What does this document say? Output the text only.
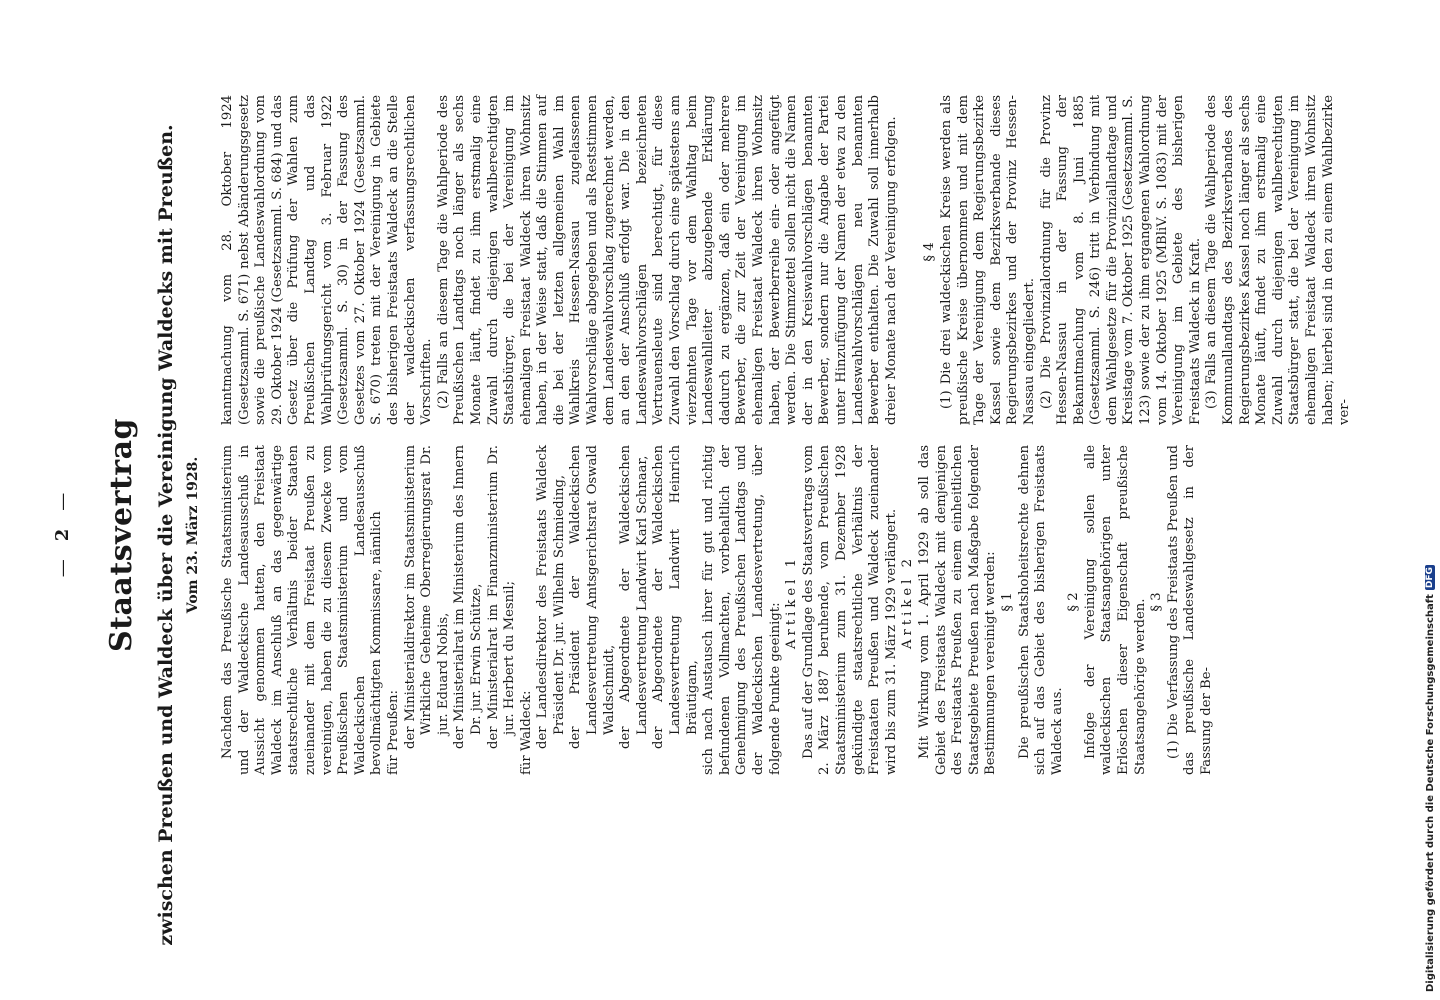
—2— Staatsvertrag zwischen Preußen und Waldeck über die Vereinigung Waldecks mit Preußen. Vom 23. März 1928. Nachdem das Preußische Staatsministerium und der Waldeckische Landesausschuß in Aussicht genommen hatten, den Freistaat Waldeck im Anschluß an das gegenwärtige staatsrechtliche Verhältnis beider Staaten zueinander mit dem Freistaat Preußen zu vereinigen, haben die zu diesem Zwecke vom Preußischen Staatsministerium und vom Waldeckischen Landesausschuß bevollmächtigten Kommissare, nämlich für Preußen: der Ministerialdirektor im Staatsministerium Wirkliche Geheime Oberregierungsrat Dr. jur. Eduard Nobis, der Ministerialrat im Ministerium des Innern Dr. jur. Erwin Schütze, der Ministerialrat im Finanzministerium Dr. jur. Herbert du Mesnil; für Waldeck: der Landesdirektor des Freistaats Waldeck Präsident Dr. jur. Wilhelm Schmieding, der Präsident der Waldeckischen Landesvertretung Amtsgerichtsrat Oswald Waldschmidt, der Abgeordnete der Waldeckischen Landesvertretung Landwirt Karl Schnaar, der Abgeordnete der Waldeckischen Landesvertretung Landwirt Heinrich Bräutigam, sich nach Austausch ihrer für gut und richtig befundenen Vollmachten, vorbehaltlich der Genehmigung des Preußischen Landtags und der Waldeckischen Landesvertretung, über folgende Punkte geeinigt:

Artikel 1 Das auf der Grundlage des Staatsvertrags vom 2. März 1887 beruhende, vom Preußischen Staatsministerium zum 31. Dezember 1928 gekündigte staatsrechtliche Verhältnis der Freistaaten Preußen und Waldeck zueinander wird bis zum 31. März 1929 verlängert. Artikel 2 Mit Wirkung vom 1. April 1929 ab soll das Gebiet des Freistaats Waldeck mit demjenigen des Freistaats Preußen zu einem einheitlichen Staatsgebiete Preußen nach Maßgabe folgender Bestimmungen vereinigt werden: § 1 Die preußischen Staatshoheitsrechte dehnen sich auf das Gebiet des bisherigen Freistaats Waldeck aus.

§ 2 Infolge der Vereinigung sollen alle waldeckischen Staatsangehörigen unter Erlöschen dieser Eigenschaft preußische Staatsangehörige werden. § 3 (1) Die Verfassung des Freistaats Preußen und das preußische Landeswahlgesetz in der Fassung der Be-

kanntmachung vom 28. Oktober 1924 (Gesetzsamml. S. 671) nebst Abänderungsgesetz sowie die preußische Landeswahlordnung vom 29. Oktober 1924 (Gesetzsamml. S. 684) und das Gesetz über die Prüfung der Wahlen zum Preußischen Landtag und das Wahlprüfungsgericht vom 3. Februar 1922 (Gesetzsamml. S. 30) in der Fassung des Gesetzes vom 27. Oktober 1924 (Gesetzsamml. S. 670) treten mit der Vereinigung in Gebiete des bisherigen Freistaats Waldeck an die Stelle der waldeckischen verfassungsrechtlichen Vorschriften. (2) Falls an diesem Tage die Wahlperiode des Preußischen Landtags noch länger als sechs Monate läuft, findet zu ihm erstmalig eine Zuwahl durch diejenigen wahlberechtigten Staatsbürger, die bei der Vereinigung im ehemaligen Freistaat Waldeck ihren Wohnsitz haben, in der Weise statt, daß die Stimmen auf die bei der letzten allgemeinen Wahl im Wahlkreis Hessen-Nassau zugelassenen Wahlvorschläge abgegeben und als Reststimmen dem Landeswahlvorschlag zugerechnet werden, an den der Anschluß erfolgt war. Die in den Landeswahlvorschlägen bezeichneten Vertrauensleute sind berechtigt, für diese Zuwahl den Vorschlag durch eine spätestens am vierzehnten Tage vor dem Wahltag beim Landeswahlleiter abzugebende Erklärung dadurch zu ergänzen, daß ein oder mehrere Bewerber, die zur Zeit der Vereinigung im ehemaligen Freistaat Waldeck ihren Wohnsitz haben, der Bewerberreihe ein- oder angefügt werden. Die Stimmzettel sollen nicht die Namen der in den Kreiswahlvorschlägen benannten Bewerber, sondern nur die Angabe der Partei unter Hinzufügung der Namen der etwa zu den Landeswahlvorschlägen neu benannten Bewerber enthalten. Die Zuwahl soll innerhalb dreier Monate nach der Vereinigung erfolgen. § 4 (1) Die drei waldeckischen Kreise werden als preußische Kreise übernommen und mit dem Tage der Vereinigung dem Regierungsbezirke Kassel sowie dem Bezirksverbande dieses Regierungsbezirkes und der Provinz Hessen-Nassau eingegliedert. (2) Die Provinzialordnung für die Provinz Hessen-Nassau in der Fassung der Bekanntmachung vom 8. Juni 1885 (Gesetzsamml. S. 246) tritt in Verbindung mit dem Wahlgesetze für die Provinziallandtage und Kreistage vom 7. Oktober 1925 (Gesetzsamml. S. 123) sowie der zu ihm ergangenen Wahlordnung vom 14. Oktober 1925 (MBliV. S. 1083) mit der Vereinigung im Gebiete des bisherigen Freistaats Waldeck in Kraft. (3) Falls an diesem Tage die Wahlperiode des Kommunallandtags des Bezirksverbandes des Regierungsbezirkes Kassel noch länger als sechs Monate läuft, findet zu ihm erstmalig eine Zuwahl durch diejenigen wahlberechtigten Staatsbürger statt, die bei der Vereinigung im ehemaligen Freistaat Waldeck ihren Wohnsitz haben; hierbei sind in den zu einem Wahlbezirke ver-

Digitalisierung gefördert durch die Deutsche Forschungsgemeinschaft
DFG
